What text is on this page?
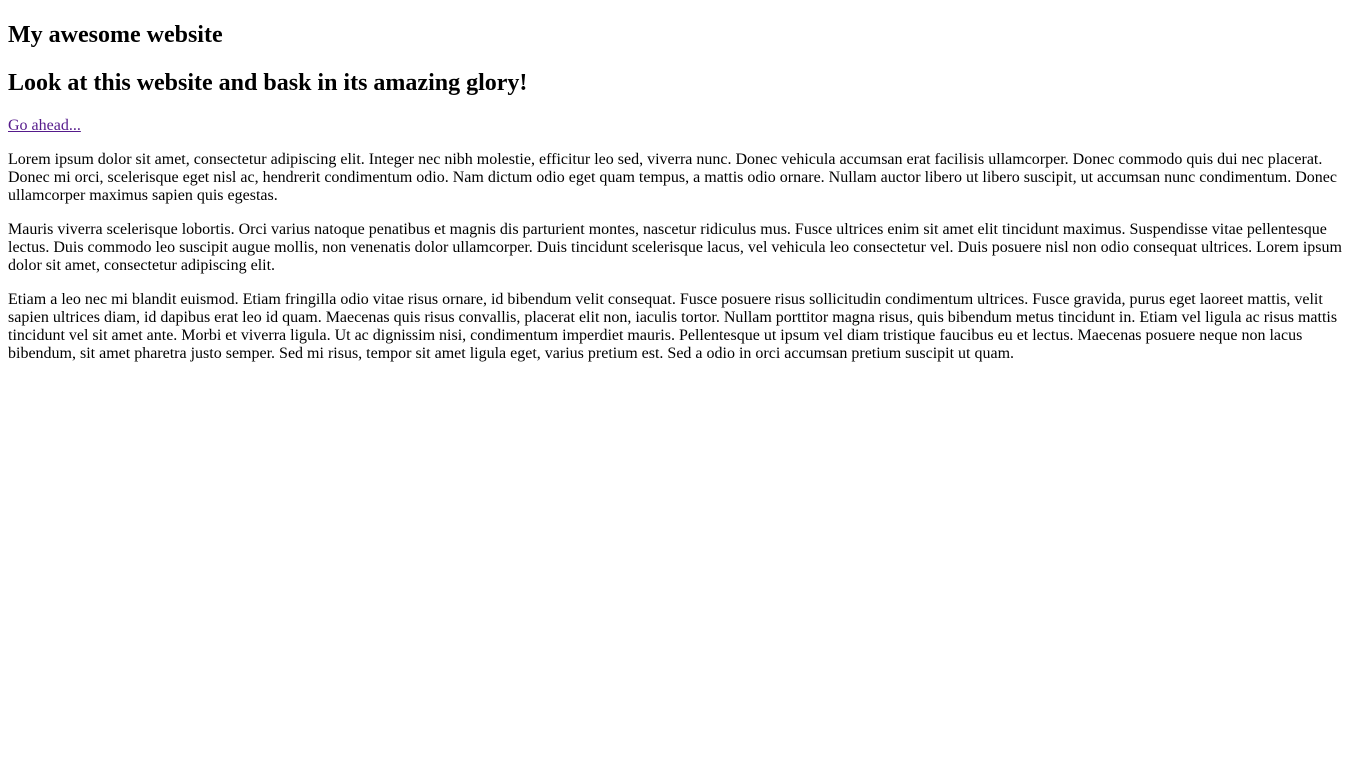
My awesome website
Look at this website and bask in its amazing glory!
Go ahead...

Lorem ipsum dolor sit amet, consectetur adipiscing elit. Integer nec nibh molestie, efficitur leo sed, viverra nunc. Donec vehicula accumsan erat facilisis ullamcorper. Donec commodo quis dui nec placerat. Donec mi orci, scelerisque eget nisl ac, hendrerit condimentum odio. Nam dictum odio eget quam tempus, a mattis odio ornare. Nullam auctor libero ut libero suscipit, ut accumsan nunc condimentum. Donec ullamcorper maximus sapien quis egestas.

Mauris viverra scelerisque lobortis. Orci varius natoque penatibus et magnis dis parturient montes, nascetur ridiculus mus. Fusce ultrices enim sit amet elit tincidunt maximus. Suspendisse vitae pellentesque lectus. Duis commodo leo suscipit augue mollis, non venenatis dolor ullamcorper. Duis tincidunt scelerisque lacus, vel vehicula leo consectetur vel. Duis posuere nisl non odio consequat ultrices. Lorem ipsum dolor sit amet, consectetur adipiscing elit.

Etiam a leo nec mi blandit euismod. Etiam fringilla odio vitae risus ornare, id bibendum velit consequat. Fusce posuere risus sollicitudin condimentum ultrices. Fusce gravida, purus eget laoreet mattis, velit sapien ultrices diam, id dapibus erat leo id quam. Maecenas quis risus convallis, placerat elit non, iaculis tortor. Nullam porttitor magna risus, quis bibendum metus tincidunt in. Etiam vel ligula ac risus mattis tincidunt vel sit amet ante. Morbi et viverra ligula. Ut ac dignissim nisi, condimentum imperdiet mauris. Pellentesque ut ipsum vel diam tristique faucibus eu et lectus. Maecenas posuere neque non lacus bibendum, sit amet pharetra justo semper. Sed mi risus, tempor sit amet ligula eget, varius pretium est. Sed a odio in orci accumsan pretium suscipit ut quam.
